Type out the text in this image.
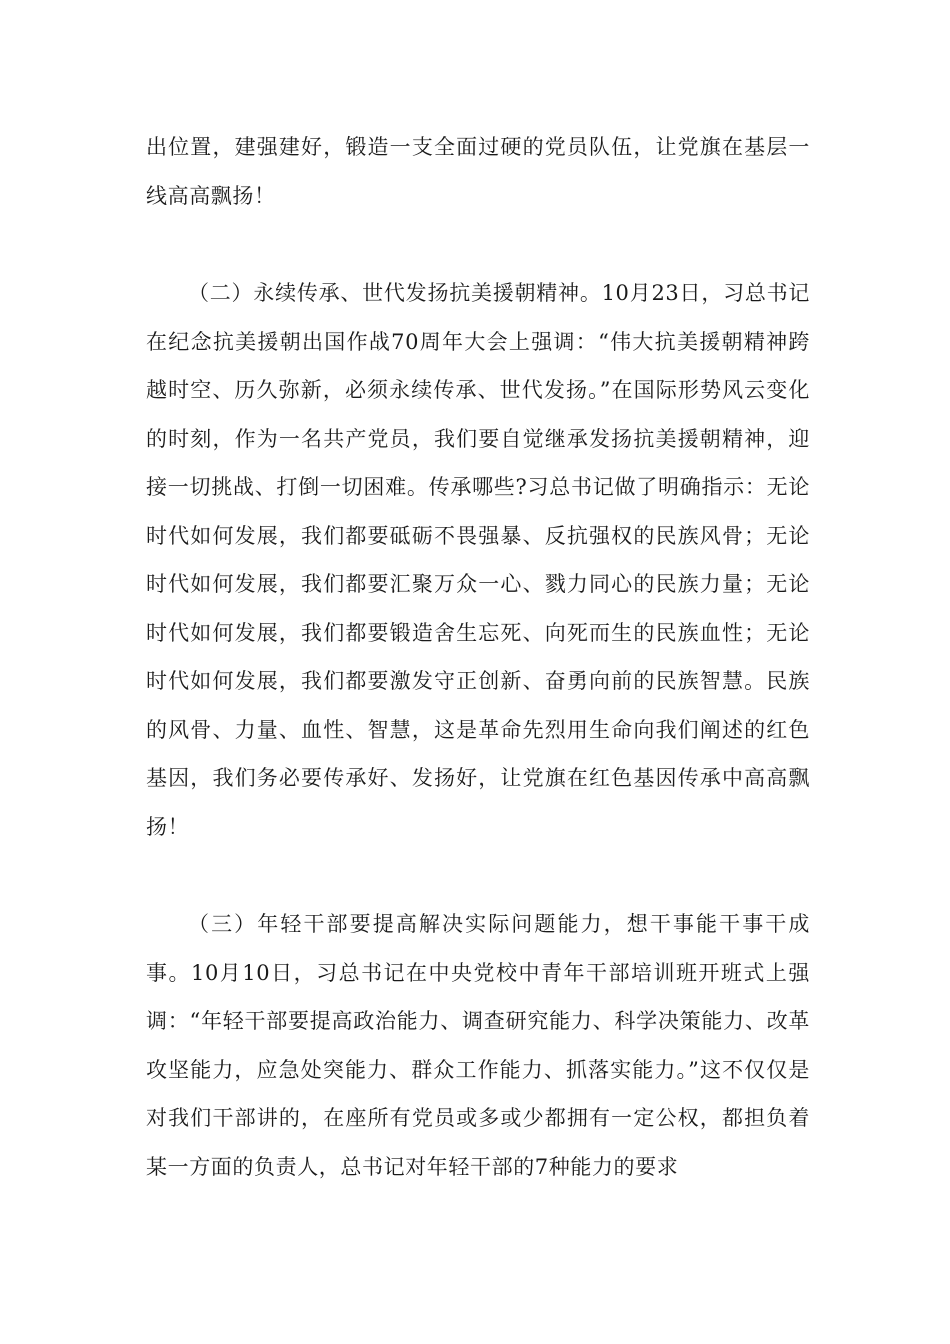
出位置，建强建好，锻造一支全面过硬的党员队伍，让党旗在基层一线高高飘扬！

（二）永续传承、世代发扬抗美援朝精神。10月23日，习总书记在纪念抗美援朝出国作战70周年大会上强调：“伟大抗美援朝精神跨越时空、历久弥新，必须永续传承、世代发扬。”在国际形势风云变化的时刻，作为一名共产党员，我们要自觉继承发扬抗美援朝精神，迎接一切挑战、打倒一切困难。传承哪些?习总书记做了明确指示：无论时代如何发展，我们都要砥砺不畏强暴、反抗强权的民族风骨；无论时代如何发展，我们都要汇聚万众一心、戮力同心的民族力量；无论时代如何发展，我们都要锻造舍生忘死、向死而生的民族血性；无论时代如何发展，我们都要激发守正创新、奋勇向前的民族智慧。民族的风骨、力量、血性、智慧，这是革命先烈用生命向我们阐述的红色基因，我们务必要传承好、发扬好，让党旗在红色基因传承中高高飘扬！

（三）年轻干部要提高解决实际问题能力，想干事能干事干成事。10月10日，习总书记在中央党校中青年干部培训班开班式上强调：“年轻干部要提高政治能力、调查研究能力、科学决策能力、改革攻坚能力，应急处突能力、群众工作能力、抓落实能力。”这不仅仅是对我们干部讲的，在座所有党员或多或少都拥有一定公权，都担负着某一方面的负责人，总书记对年轻干部的7种能力的要求
